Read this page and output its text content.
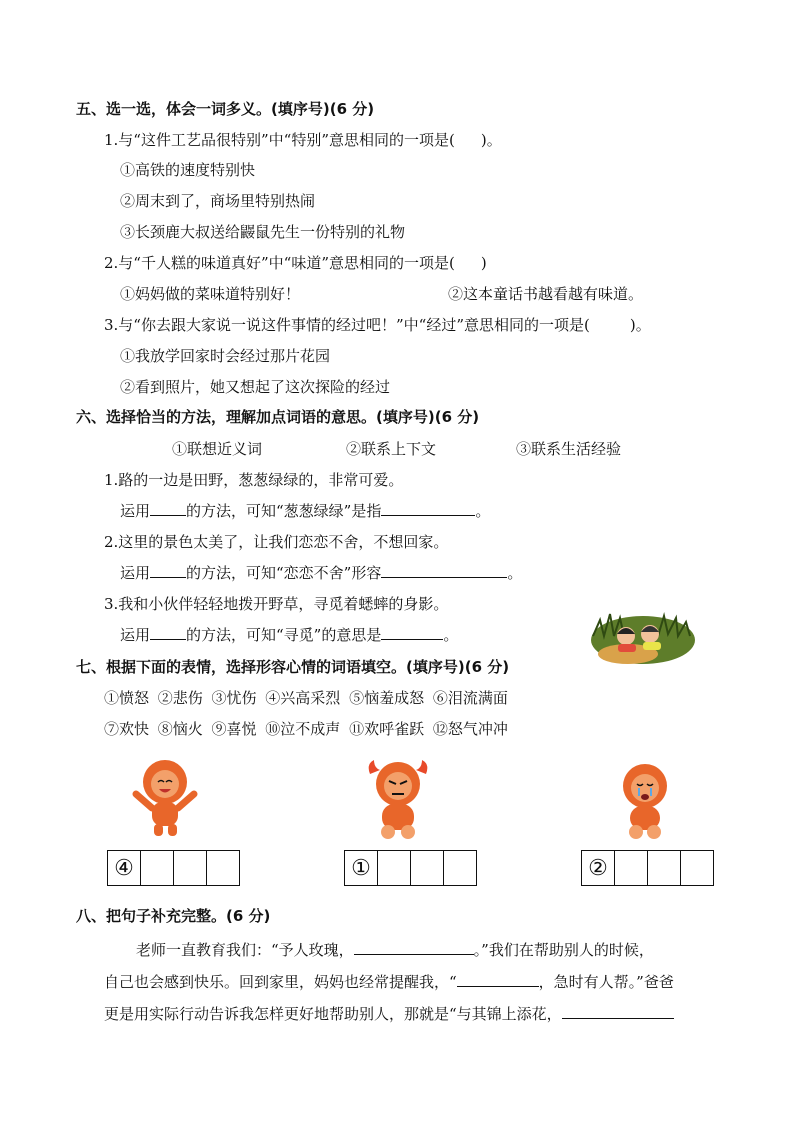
五、选一选，体会一词多义。(填序号)(6 分)
1.与“这件工艺品很特别”中“特别”意思相同的一项是( )。
①高铁的速度特别快
②周末到了，商场里特别热闹
③长颈鹿大叔送给鼹鼠先生一份特别的礼物
2.与“千人糕的味道真好”中“味道”意思相同的一项是( )
①妈妈做的菜味道特别好！	②这本童话书越看越有味道。
3.与“你去跟大家说一说这件事情的经过吧！”中“经过”意思相同的一项是(	)。
①我放学回家时会经过那片花园
②看到照片，她又想起了这次探险的经过
六、选择恰当的方法，理解加点词语的意思。(填序号)(6 分)
①联想近义词	②联系上下文	③联系生活经验
1.路的一边是田野，葱葱绿绿的，非常可爱。
运用 的方法，可知“葱葱绿绿”是指	。
2.这里的景色太美了，让我们恋恋不舍，不想回家。
运用 的方法，可知“恋恋不舍”形容	。
3.我和小伙伴轻轻地拨开野草，寻觅着蟋蟀的身影。
运用 的方法，可知“寻觅”的意思是	。
七、根据下面的表情，选择形容心情的词语填空。(填序号)(6 分)
①愤怒 ②悲伤 ③忧伤 ④兴高采烈 ⑤恼羞成怒 ⑥泪流满面
⑦欢快 ⑧恼火 ⑨喜悦 ⑩泣不成声 ⑪欢呼雀跃 ⑫怒气冲冲
④	①	②
八、把句子补充完整。(6 分)
老师一直教育我们：“予人玫瑰，	。”我们在帮助别人的时候，
自己也会感到快乐。回到家里，妈妈也经常提醒我，“	，急时有人帮。”爸爸
更是用实际行动告诉我怎样更好地帮助别人，那就是“与其锦上添花，
